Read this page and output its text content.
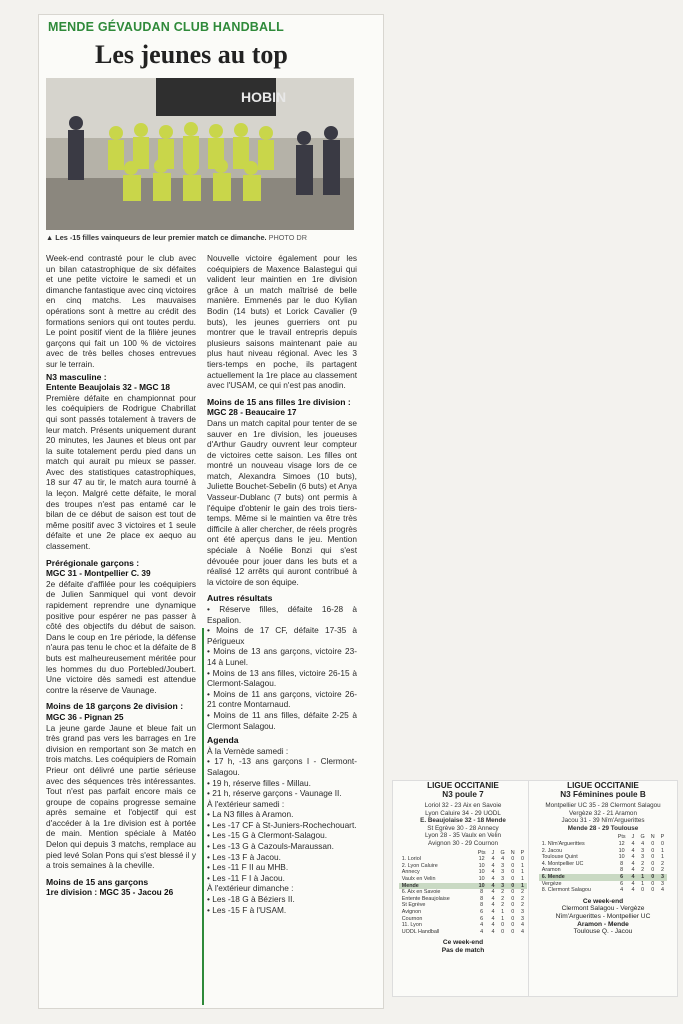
MENDE GÉVAUDAN CLUB HANDBALL
Les jeunes au top
HOBIN
▲ Les -15 filles vainqueurs de leur premier match ce dimanche. PHOTO DR

Week-end contrasté pour le club avec un bilan catastrophique de six défaites et une petite victoire le samedi et un dimanche fantastique avec cinq victoires en cinq matchs. Les mauvaises opérations sont à mettre au crédit des formations seniors qui ont toutes perdu. Le point positif vient de la filière jeunes garçons qui fait un 100 % de victoires avec de très belles choses entrevues sur le terrain.

N3 masculine :

Entente Beaujolais 32 - MGC 18

Première défaite en championnat pour les coéquipiers de Rodrigue Chabrillat qui sont passés totalement à travers de leur match. Présents uniquement durant 20 minutes, les Jaunes et bleus ont par la suite totalement perdu pied dans un match qui aurait pu mieux se passer. Avec des statistiques catastrophiques, 18 sur 47 au tir, le match aura tourné à la leçon. Malgré cette défaite, le moral des troupes n'est pas entamé car le bilan de ce début de saison est tout de même positif avec 3 victoires et 1 seule défaite et une 2e place ex aequo au classement.

Prérégionale garçons :

MGC 31 - Montpellier C. 39

2e défaite d'affilée pour les coéquipiers de Julien Sanmiquel qui vont devoir rapidement reprendre une dynamique positive pour espérer ne pas passer à côté des objectifs du début de saison. Dans le coup en 1re période, la défense n'aura pas tenu le choc et la défaite de 8 buts est malheureusement méritée pour les hommes du duo Portebled/Joubert. Une victoire dès samedi est attendue contre la réserve de Vaunage.

Moins de 18 garçons 2e division :

MGC 36 - Pignan 25

La jeune garde Jaune et bleue fait un très grand pas vers les barrages en 1re division en remportant son 3e match en trois matchs. Les coéquipiers de Romain Prieur ont délivré une partie sérieuse avec des séquences très intéressantes. Tout n'est pas parfait encore mais ce groupe de copains progresse semaine après semaine et l'objectif qui est d'accéder à la 1re division est à portée de main. Mention spéciale à Matéo Delon qui depuis 3 matchs, remplace au pied levé Solan Pons qui s'est blessé il y a trois semaines à la cheville.

Moins de 15 ans garçons

1re division : MGC 35 - Jacou 26

Nouvelle victoire également pour les coéquipiers de Maxence Balastegui qui valident leur maintien en 1re division grâce à un match maîtrisé de belle manière. Emmenés par le duo Kylian Bodin (14 buts) et Lorick Cavalier (9 buts), les jeunes guerriers ont pu montrer que le travail entrepris depuis plusieurs saisons maintenant paie au plus haut niveau régional. Avec les 3 tiers-temps en poche, ils partagent actuellement la 1re place au classement avec l'USAM, ce qui n'est pas anodin.

Moins de 15 ans filles 1re division :

MGC 28 - Beaucaire 17

Dans un match capital pour tenter de se sauver en 1re division, les joueuses d'Arthur Gaudry ouvrent leur compteur de victoires cette saison. Les filles ont montré un nouveau visage lors de ce match, Alexandra Simoes (10 buts), Juliette Bouchet-Sebelin (6 buts) et Anya Vasseur-Dublanc (7 buts) ont permis à l'équipe d'obtenir le gain des trois tiers-temps. Même si le maintien va être très difficile à aller chercher, de réels progrès ont été aperçus dans le jeu. Mention spéciale à Noélie Bonzi qui s'est dévouée pour jouer dans les buts et a réalisé 12 arrêts qui auront contribué à la victoire de son équipe.

Autres résultats
• Réserve filles, défaite 16-28 à Espalion.
• Moins de 17 CF, défaite 17-35 à Périgueux
• Moins de 13 ans garçons, victoire 23-14 à Lunel.
• Moins de 13 ans filles, victoire 26-15 à Clermont-Salagou.
• Moins de 11 ans garçons, victoire 26-21 contre Montarnaud.
• Moins de 11 ans filles, défaite 2-25 à Clermont Salagou.
Agenda

À la Vernède samedi :

• 17 h, -13 ans garçons I - Clermont-Salagou.
• 19 h, réserve filles - Millau.
• 21 h, réserve garçons - Vaunage II.

À l'extérieur samedi :

• La N3 filles à Aramon.
• Les -17 CF à St-Juniers-Rochechouart.
• Les -15 G à Clermont-Salagou.
• Les -13 G à Cazouls-Maraussan.
• Les -13 F à Jacou.
• Les -11 F II au MHB.
• Les -11 F I à Jacou.

À l'extérieur dimanche :

• Les -18 G à Béziers II.
• Les -15 F à l'USAM.
LIGUE OCCITANIE
N3 poule 7
Loriol 32 - 23 Aix en Savoie
Lyon Caluire 34 - 29 UODL
E. Beaujolaise 32 - 18 Mende
St Egrève 30 - 28 Annecy
Lyon 28 - 35 Vaulx en Velin
Avignon 30 - 29 Cournon
	Pts	J	G	N	P
1. Loriol	12	4	4	0	0
2. Lyon Caluire	10	4	3	0	1
Annecy	10	4	3	0	1
Vaulx en Velin	10	4	3	0	1
Mende	10	4	3	0	1
6. Aix en Savoie	8	4	2	0	2
Entente Beaujolaise	8	4	2	0	2
St Egrève	8	4	2	0	2
Avignon	6	4	1	0	3
Cournon	6	4	1	0	3
11. Lyon	4	4	0	0	4
UODL Handball	4	4	0	0	4
Ce week-end
Pas de match
LIGUE OCCITANIE
N3 Féminines poule B
Montpellier UC 35 - 28 Clermont Salagou
Vergèze 32 - 21 Aramon
Jacou 31 - 39 Nîm'Arguerittes
Mende 28 - 29 Toulouse
	Pts	J	G	N	P
1. Nîm'Arguerittes	12	4	4	0	0
2. Jacou	10	4	3	0	1
Toulouse Quint	10	4	3	0	1
4. Montpellier UC	8	4	2	0	2
Aramon	8	4	2	0	2
6. Mende	6	4	1	0	3
Vergèze	6	4	1	0	3
8. Clermont Salagou	4	4	0	0	4
Ce week-end
Clermont Salagou - Vergèze
Nîm'Arguerittes - Montpellier UC
Aramon - Mende
Toulouse Q. - Jacou
